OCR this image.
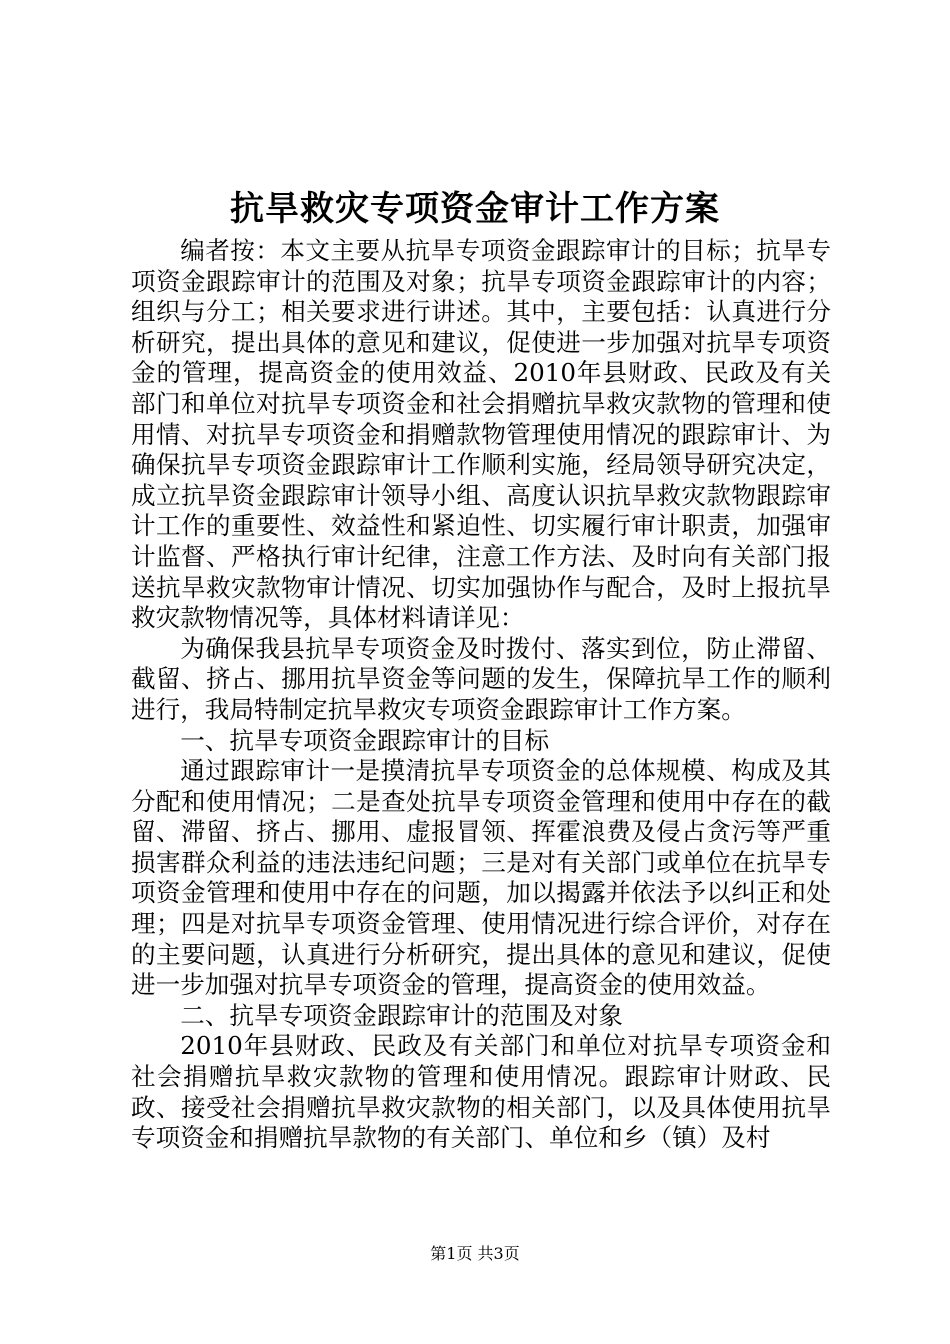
抗旱救灾专项资金审计工作方案

编者按：本文主要从抗旱专项资金跟踪审计的目标；抗旱专项资金跟踪审计的范围及对象；抗旱专项资金跟踪审计的内容；组织与分工；相关要求进行讲述。其中，主要包括：认真进行分析研究，提出具体的意见和建议，促使进一步加强对抗旱专项资金的管理，提高资金的使用效益、2010年县财政、民政及有关部门和单位对抗旱专项资金和社会捐赠抗旱救灾款物的管理和使用情、对抗旱专项资金和捐赠款物管理使用情况的跟踪审计、为确保抗旱专项资金跟踪审计工作顺利实施，经局领导研究决定，成立抗旱资金跟踪审计领导小组、高度认识抗旱救灾款物跟踪审计工作的重要性、效益性和紧迫性、切实履行审计职责，加强审计监督、严格执行审计纪律，注意工作方法、及时向有关部门报送抗旱救灾款物审计情况、切实加强协作与配合，及时上报抗旱救灾款物情况等，具体材料请详见：

为确保我县抗旱专项资金及时拨付、落实到位，防止滞留、截留、挤占、挪用抗旱资金等问题的发生，保障抗旱工作的顺利进行，我局特制定抗旱救灾专项资金跟踪审计工作方案。

一、抗旱专项资金跟踪审计的目标

通过跟踪审计一是摸清抗旱专项资金的总体规模、构成及其分配和使用情况；二是查处抗旱专项资金管理和使用中存在的截留、滞留、挤占、挪用、虚报冒领、挥霍浪费及侵占贪污等严重损害群众利益的违法违纪问题；三是对有关部门或单位在抗旱专项资金管理和使用中存在的问题，加以揭露并依法予以纠正和处理；四是对抗旱专项资金管理、使用情况进行综合评价，对存在的主要问题，认真进行分析研究，提出具体的意见和建议，促使进一步加强对抗旱专项资金的管理，提高资金的使用效益。

二、抗旱专项资金跟踪审计的范围及对象

2010年县财政、民政及有关部门和单位对抗旱专项资金和社会捐赠抗旱救灾款物的管理和使用情况。跟踪审计财政、民政、接受社会捐赠抗旱救灾款物的相关部门，以及具体使用抗旱专项资金和捐赠抗旱款物的有关部门、单位和乡（镇）及村

第1页 共3页
